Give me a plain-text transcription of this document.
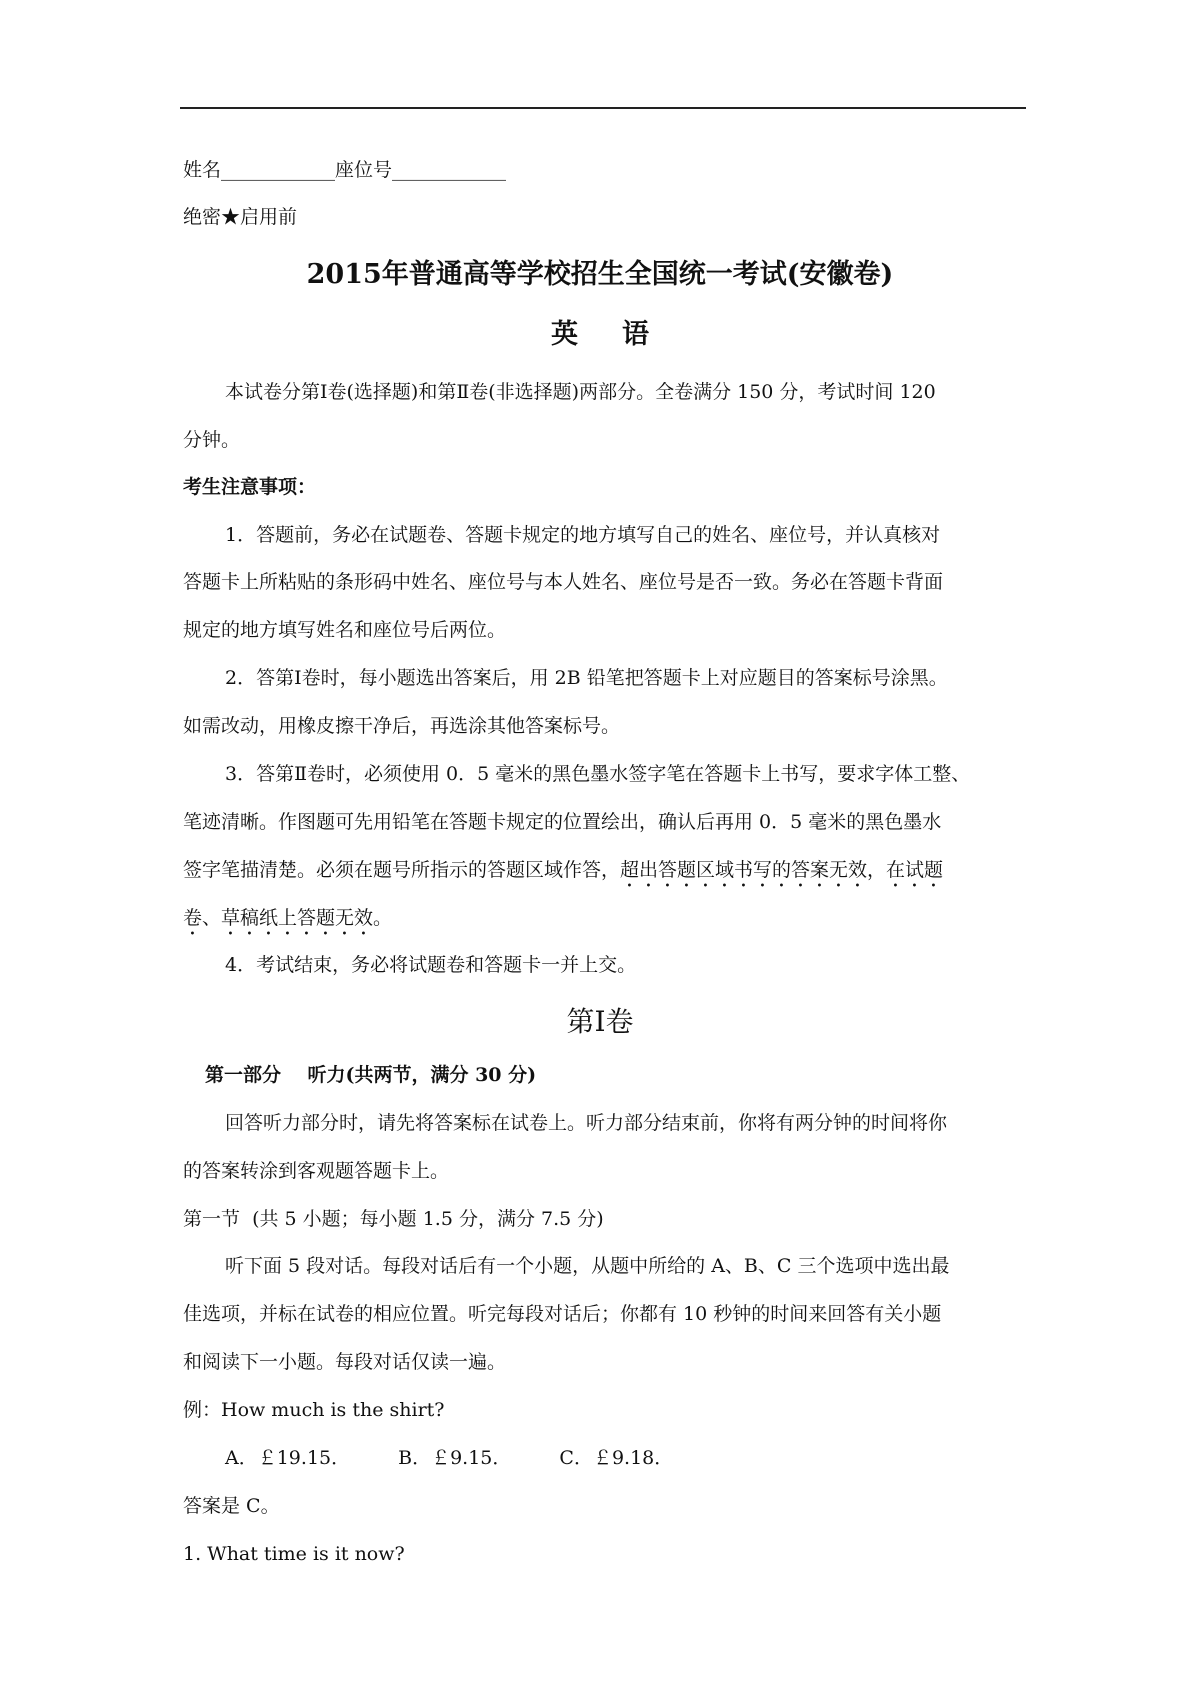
姓名____________座位号____________
绝密★启用前
2015年普通高等学校招生全国统一考试(安徽卷)
英语
本试卷分第Ⅰ卷(选择题)和第Ⅱ卷(非选择题)两部分。全卷满分 150 分，考试时间 120
分钟。
考生注意事项：
1．答题前，务必在试题卷、答题卡规定的地方填写自己的姓名、座位号，并认真核对
答题卡上所粘贴的条形码中姓名、座位号与本人姓名、座位号是否一致。务必在答题卡背面
规定的地方填写姓名和座位号后两位。
2．答第Ⅰ卷时，每小题选出答案后，用 2B 铅笔把答题卡上对应题目的答案标号涂黑。
如需改动，用橡皮擦干净后，再选涂其他答案标号。
3．答第Ⅱ卷时，必须使用 0．5 毫米的黑色墨水签字笔在答题卡上书写，要求字体工整、
笔迹清晰。作图题可先用铅笔在答题卡规定的位置绘出，确认后再用 0．5 毫米的黑色墨水
签字笔描清楚。必须在题号所指示的答题区域作答，超出答题区域书写的答案无效，在试题
卷、草稿纸上答题无效。
4．考试结束，务必将试题卷和答题卡一并上交。
第Ⅰ卷
第一部分    听力(共两节，满分 30 分)
回答听力部分时，请先将答案标在试卷上。听力部分结束前，你将有两分钟的时间将你
的答案转涂到客观题答题卡上。
第一节  (共 5 小题；每小题 1.5 分，满分 7.5 分)
听下面 5 段对话。每段对话后有一个小题，从题中所给的 A、B、C 三个选项中选出最
佳选项，并标在试卷的相应位置。听完每段对话后；你都有 10 秒钟的时间来回答有关小题
和阅读下一小题。每段对话仅读一遍。
例：How much is the shirt?
A．￡19.15．	B．￡9.15．	C．￡9.18．
答案是 C。
1. What time is it now?
